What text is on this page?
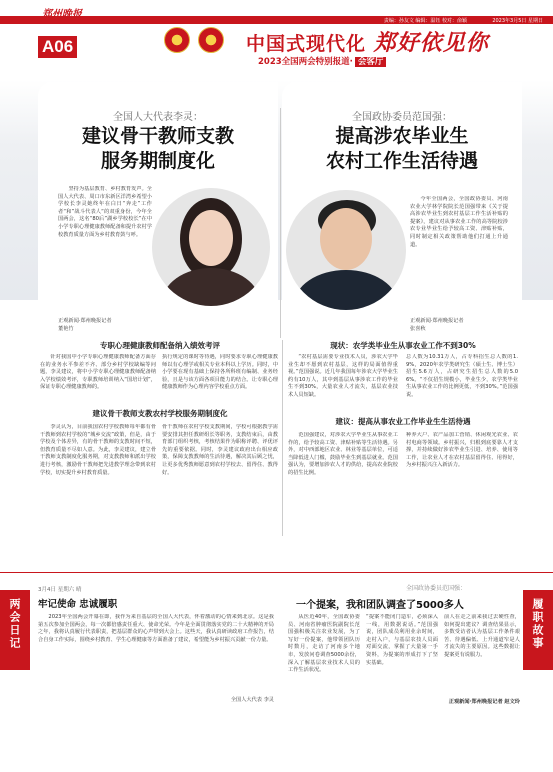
郑州晚报
责编：孙友文 编辑：温钰 校对：俞颖	2023年3月5日 星期日
A06	中国式现代化 郑好依见你
2023全国两会特别报道· 会客厅
全国人大代表李灵：
建议骨干教师支教
服务期制度化

坚持为基层教育、乡村教育发声。全国人大代表、周口市东新区洋湾乡希望小学校长李灵她终年在白日“奔走”工作者“和”战斗代表人“的双重身份，今年全国两会，这名“80后”湖乡学校校长”在中小学专职心理健康教师配备和提升农村学校教育质量方面为乡村教育鼓与呼。

正观新闻·郑州晚报记者
董艳竹
全国政协委员范国强：
提高涉农毕业生
农村工作生活待遇

今年全国两会，全国政协委员、河南农业大学林学院院长范国强带来《关于提高涉农毕业生到农村基层工作生活补贴的提案》，建议对从事农业工作的高等院校涉农专业毕业生给予较高工资、津贴补贴，同时制定相关政策帮助他们打通上升通道。

正观新闻·郑州晚报记者
张喜秋
专职心理健康教师配备纳入绩效考评

针对我国中小学专职心理健康教师配备方面存在的业务水平参差不齐、部分乡村学校缺编等问题，李灵建议，将中小学专职心理健康教师配备纳入学校绩效考评，专职教师培训纳入“国培计划”，保证专职心理健康教师的。

执行规定的课时等待遇，同时要求专职心理健康教师以有心理学或相关专业本科以上学历。同时，中小学要在现有基础上保持各所科班有编制、业务经验，且是与该方面各项目能力的结合。让专职心理健康教师作为心理内容学校重点方面。
建议骨干教师支教农村学校服务期制度化

李灵认为，目前我国农村学校教师每年都有骨干教师到农村学校的“城乡交流”政策，但是，由于学校及个体差异，有的骨干教师的支教时间不短，但教育质量不尽如人意。为此，李灵建议，建立骨干教师支教制度化服务期，对支教教师和派出学校进行考核，激励骨干教师把先进教学理念带到农村学校，切实提升乡村教育质量。

骨干教师在农村学校支教期间，学校可根据教学需要安排其担任教研组长等职务，支教结束后，由教育部门组织考核，考核结果作为职称评聘、评优评先的重要依据。同时，李灵建议政府出台相应政策，保障支教教师的生活待遇，解决其后顾之忧，让更多优秀教师愿意到农村学校去、留得住、教得好。
现状：农学类毕业生从事农业工作不到30%

“农村基层需要专业技术人员，涉农大学毕业生却不愿到农村基层，这样的局面值得重视。”范国强说。近几年我国每年涉农大学毕业生约有10万人，其中到基层从事涉农工作的毕业生不到30%，大量农业人才流失，基层农业技术人员短缺。

总人数为10.31万人，占专科招生总人数的1.9%，2020年农学类研究生（硕士生、博士生）招生5.6万人，占研究生招生总人数的5.06%。“不仅招生规模小，毕业生少，农学类毕业生从事农业工作的比例更低，不到30%。”范国强说。
建议：提高从事农业工作毕业生生活待遇

范国强建议，对涉农大学毕业生从事农业工作的，给予较高工资、津贴补贴等生活待遇。另外，对中西部地区农业、林业等基层单位，可适当降低进人门槛，鼓励毕业生到基层就业。范国强认为，要增加涉农人才的供给，提高农业院校的招生比例。

种养大户、农产品加工营销、休闲观光农业、农村电商等领域。乡村振兴，归根到底要靠人才支撑，并持续做好涉农毕业生引进、培养、使用等工作，让农业人才在农村基层留得住、用得好，为乡村振兴注入新活力。
两会日记	履职故事
3月4日 星期六 晴
牢记使命 忠诚履职

2023年全国两会开幕在即，我作为来自基层的全国人大代表，怀着激动的心情来到北京。这是我第五次参加全国两会，每一次都倍感责任重大、使命光荣。今年是全面贯彻落实党的二十大精神的开局之年，我将认真履行代表职责，把基层群众的心声带到大会上。这些天，我认真研读政府工作报告，结合自身工作实际，围绕乡村教育、学生心理健康等方面准备了建议，希望能为乡村振兴贡献一份力量。

全国人大代表 李灵
全国政协委员范国强：
一个提案，我和团队调查了5000多人

从医近40年，全国政协委员、河南省肿瘤医院副院长范国强积极关注农业发展，为了写好一份提案，他带领团队历时数月，走访了河南多个地市，发放问卷调查5000余份，深入了解基层农业技术人员的工作生活状况。

“提案不能闭门造车，必须深入一线，用数据说话。”范国强说，团队成员利用业余时间，走村入户，与基层农技人员面对面交流，掌握了大量第一手资料，为提案的形成打下了坚实基础。
前人在走之前来我过去硬性查，如何提出建议？调查结果显示，多数受访者认为基层工作条件艰苦、待遇偏低、上升通道窄是人才流失的主要原因。这些数据让提案更有说服力。
正观新闻·郑州晚报记者 赵文玲
